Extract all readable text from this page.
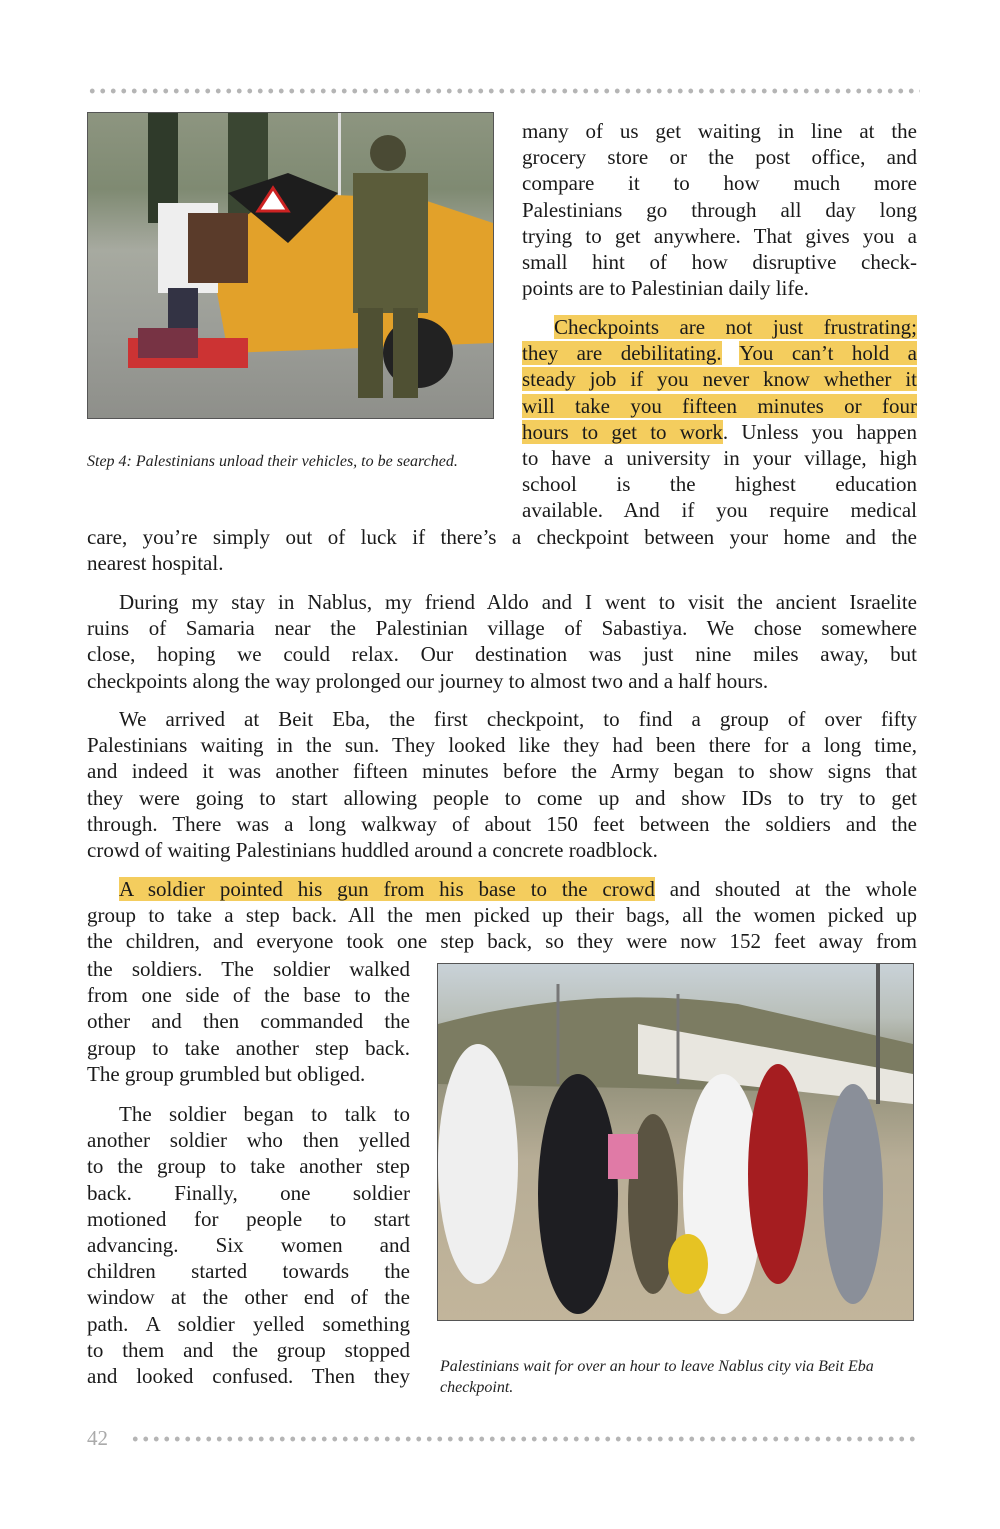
Step 4: Palestinians unload their vehicles, to be searched.
many of us get waiting in line at the
grocery store or the post office, and
compare it to how much more
Palestinians go through all day long
trying to get anywhere. That gives you a
small hint of how disruptive check-
points are to Palestinian daily life.
Checkpoints are not just frustrating;
they are debilitating. You can’t hold a
steady job if you never know whether it
will take you fifteen minutes or four
hours to get to work. Unless you happen
to have a university in your village, high
school is the highest education
available. And if you require medical
care, you’re simply out of luck if there’s a checkpoint between your home and the
nearest hospital.
During my stay in Nablus, my friend Aldo and I went to visit the ancient Israelite
ruins of Samaria near the Palestinian village of Sabastiya. We chose somewhere
close, hoping we could relax. Our destination was just nine miles away, but
checkpoints along the way prolonged our journey to almost two and a half hours.
We arrived at Beit Eba, the first checkpoint, to find a group of over fifty
Palestinians waiting in the sun. They looked like they had been there for a long time,
and indeed it was another fifteen minutes before the Army began to show signs that
they were going to start allowing people to come up and show IDs to try to get
through. There was a long walkway of about 150 feet between the soldiers and the
crowd of waiting Palestinians huddled around a concrete roadblock.
A soldier pointed his gun from his base to the crowd and shouted at the whole
group to take a step back. All the men picked up their bags, all the women picked up
the children, and everyone took one step back, so they were now 152 feet away from
the soldiers. The soldier walked
from one side of the base to the
other and then commanded the
group to take another step back.
The group grumbled but obliged.
The soldier began to talk to
another soldier who then yelled
to the group to take another step
back. Finally, one soldier
motioned for people to start
advancing. Six women and
children started towards the
window at the other end of the
path. A soldier yelled something
to them and the group stopped
and looked confused. Then they Palestinians wait for over an hour to leave Nablus city via Beit Eba checkpoint.
42
